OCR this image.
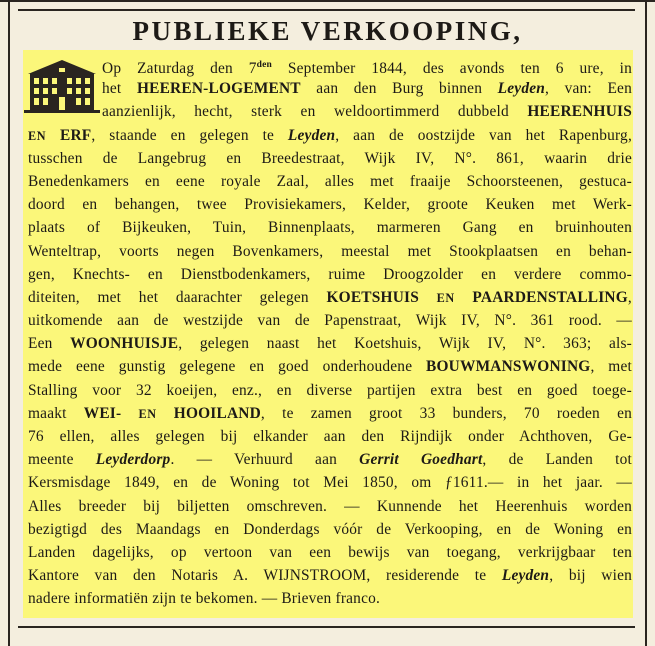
PUBLIEKE VERKOOPING,
Op Zaturdag den $7^{den}$ September 1844, des avonds ten 6 ure, in
het HEEREN-LOGEMENT aan den Burg binnen Leyden, van: Een
aanzienlijk, hecht, sterk en weldoortimmerd dubbeld HEERENHUIS
EN ERF, staande en gelegen te Leyden, aan de oostzijde van het Rapenburg,
tusschen de Langebrug en Breedestraat, Wijk IV, N°. 861, waarin drie
Benedenkamers en eene royale Zaal, alles met fraaije Schoorsteenen, gestuca-
doord en behangen, twee Provisiekamers, Kelder, groote Keuken met Werk-
plaats of Bijkeuken, Tuin, Binnenplaats, marmeren Gang en bruinhouten
Wenteltrap, voorts negen Bovenkamers, meestal met Stookplaatsen en behan-
gen, Knechts- en Dienstbodenkamers, ruime Droogzolder en verdere commo-
diteiten, met het daarachter gelegen KOETSHUIS EN PAARDENSTALLING,
uitkomende aan de westzijde van de Papenstraat, Wijk IV, N°. 361 rood. —
Een WOONHUISJE, gelegen naast het Koetshuis, Wijk IV, N°. 363; als-
mede eene gunstig gelegene en goed onderhoudene BOUWMANSWONING, met
Stalling voor 32 koeijen, enz., en diverse partijen extra best en goed toege-
maakt WEI- EN HOOILAND, te zamen groot 33 bunders, 70 roeden en
76 ellen, alles gelegen bij elkander aan den Rijndijk onder Achthoven, Ge-
meente Leyderdorp. — Verhuurd aan Gerrit Goedhart, de Landen tot
Kersmisdage 1849, en de Woning tot Mei 1850, om ƒ1611.— in het jaar. —
Alles breeder bij biljetten omschreven. — Kunnende het Heerenhuis worden
bezigtigd des Maandags en Donderdags vóór de Verkooping, en de Woning en
Landen dagelijks, op vertoon van een bewijs van toegang, verkrijgbaar ten
Kantore van den Notaris A. WIJNSTROOM, residerende te Leyden, bij wien
nadere informatiën zijn te bekomen. — Brieven franco.
